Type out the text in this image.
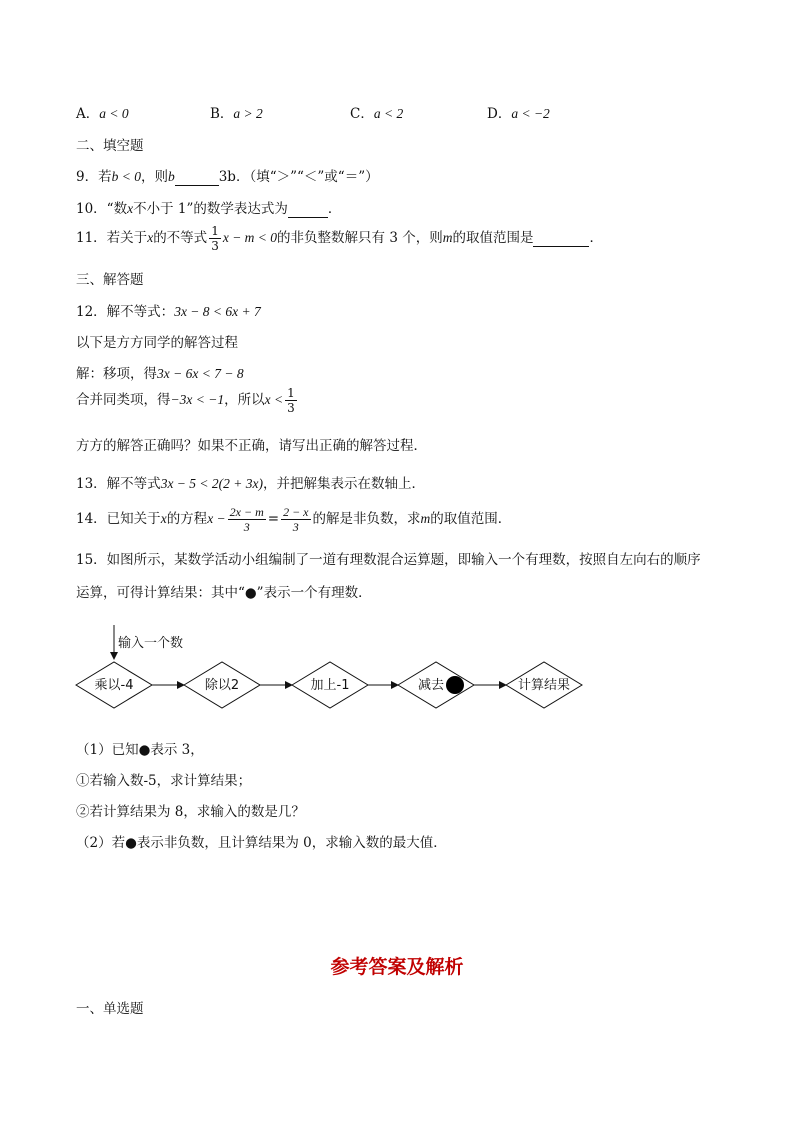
A．a < 0	B．a > 2	C．a < 2	D．a < −2
二、填空题
9．若b < 0，则b	3b．（填“＞”“＜”或“＝”）
10．“数x不小于 1”的数学表达式为	．
11．若关于x的不等式 $\frac{1}{3}$ x − m < 0的非负整数解只有 3 个，则m的取值范围是	．
三、解答题
12．解不等式：3x − 8 < 6x + 7
以下是方方同学的解答过程
解：移项，得3x − 6x < 7 − 8
合并同类项，得−3x < −1，所以$x < \frac{1}{3}$
方方的解答正确吗？如果不正确，请写出正确的解答过程．
13．解不等式3x − 5 < 2(2 + 3x)，并把解集表示在数轴上．
14．已知关于x的方程$x - \frac{2x - m}{3} = \frac{2 - x}{3}$ 的解是非负数，求m的取值范围．
15．如图所示，某数学活动小组编制了一道有理数混合运算题，即输入一个有理数，按照自左向右的顺序
运算，可得计算结果：其中“●”表示一个有理数．
输入一个数
乘以-4	除以2	加上-1	减去	计算结果
（1）已知●表示 3，
①若输入数-5，求计算结果；
②若计算结果为 8，求输入的数是几？
（2）若●表示非负数，且计算结果为 0，求输入数的最大值．
参考答案及解析
一、单选题
